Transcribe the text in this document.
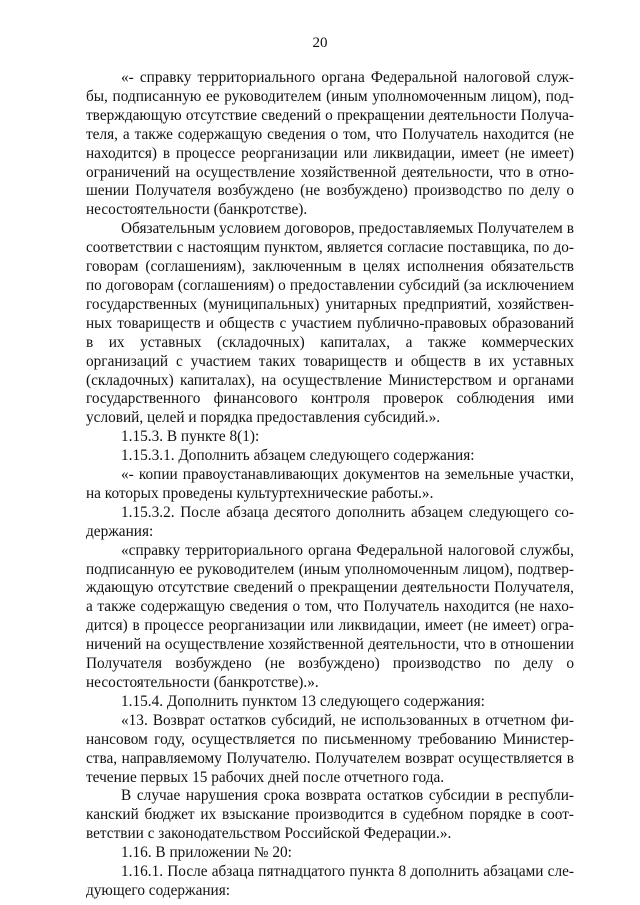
20

«- справку территориального органа Федеральной налоговой службы, подписанную ее руководителем (иным уполномоченным лицом), подтверждающую отсутствие сведений о прекращении деятельности Получателя, а также содержащую сведения о том, что Получатель находится (не находится) в процессе реорганизации или ликвидации, имеет (не имеет) ограничений на осуществление хозяйственной деятельности, что в отношении Получателя возбуждено (не возбуждено) производство по делу о несостоятельности (банкротстве).

Обязательным условием договоров, предоставляемых Получателем в соответствии с настоящим пунктом, является согласие поставщика, по договорам (соглашениям), заключенным в целях исполнения обязательств по договорам (соглашениям) о предоставлении субсидий (за исключением государственных (муниципальных) унитарных предприятий, хозяйственных товариществ и обществ с участием публично-правовых образований в их уставных (складочных) капиталах, а также коммерческих организаций с участием таких товариществ и обществ в их уставных (складочных) капиталах), на осуществление Министерством и органами государственного финансового контроля проверок соблюдения ими условий, целей и порядка предоставления субсидий.».

1.15.3. В пункте 8(1):

1.15.3.1. Дополнить абзацем следующего содержания:

«- копии правоустанавливающих документов на земельные участки, на которых проведены культуртехнические работы.».

1.15.3.2. После абзаца десятого дополнить абзацем следующего содержания:

«справку территориального органа Федеральной налоговой службы, подписанную ее руководителем (иным уполномоченным лицом), подтверждающую отсутствие сведений о прекращении деятельности Получателя, а также содержащую сведения о том, что Получатель находится (не находится) в процессе реорганизации или ликвидации, имеет (не имеет) ограничений на осуществление хозяйственной деятельности, что в отношении Получателя возбуждено (не возбуждено) производство по делу о несостоятельности (банкротстве).».

1.15.4. Дополнить пунктом 13 следующего содержания:

«13. Возврат остатков субсидий, не использованных в отчетном финансовом году, осуществляется по письменному требованию Министерства, направляемому Получателю. Получателем возврат осуществляется в течение первых 15 рабочих дней после отчетного года.

В случае нарушения срока возврата остатков субсидии в республиканский бюджет их взыскание производится в судебном порядке в соответствии с законодательством Российской Федерации.».

1.16. В приложении № 20:

1.16.1. После абзаца пятнадцатого пункта 8 дополнить абзацами следующего содержания:
